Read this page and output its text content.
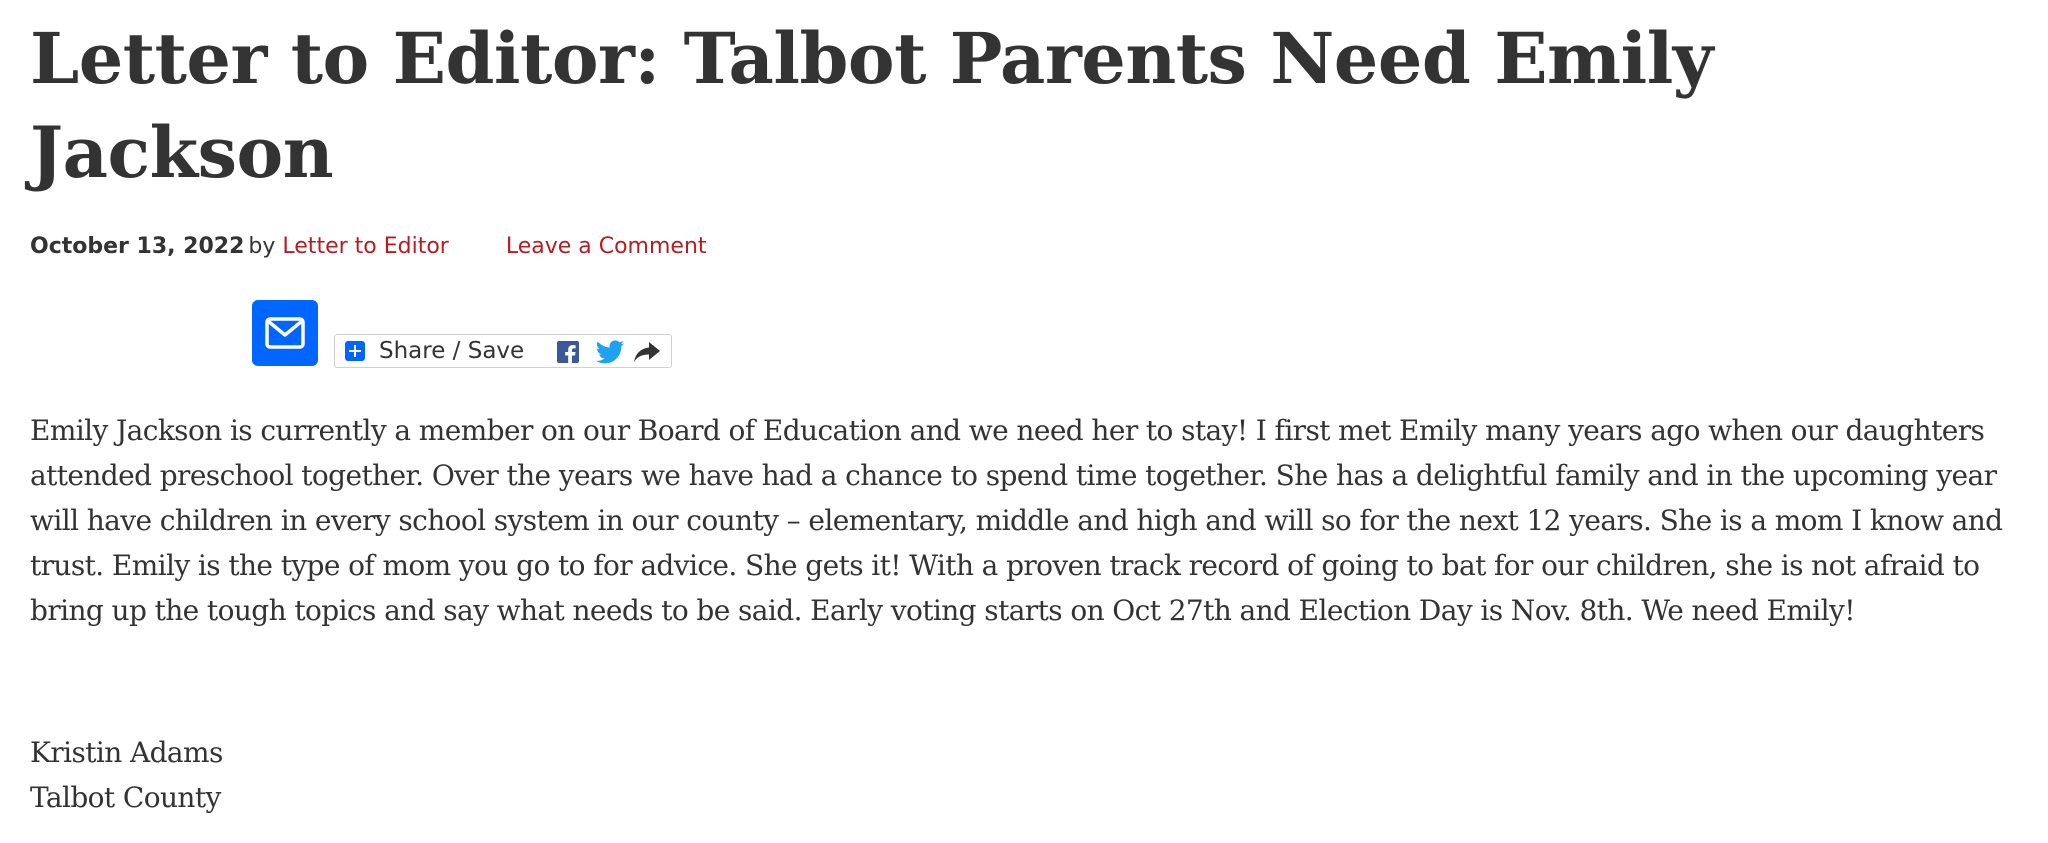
Letter to Editor: Talbot Parents Need Emily Jackson
October 13, 2022 by Letter to Editor	Leave a Comment
Share / Save

Emily Jackson is currently a member on our Board of Education and we need her to stay! I first met Emily many years ago when our daughters attended preschool together. Over the years we have had a chance to spend time together. She has a delightful family and in the upcoming year will have children in every school system in our county – elementary, middle and high and will so for the next 12 years. She is a mom I know and trust. Emily is the type of mom you go to for advice. She gets it! With a proven track record of going to bat for our children, she is not afraid to bring up the tough topics and say what needs to be said. Early voting starts on Oct 27th and Election Day is Nov. 8th. We need Emily!

Kristin Adams
Talbot County
